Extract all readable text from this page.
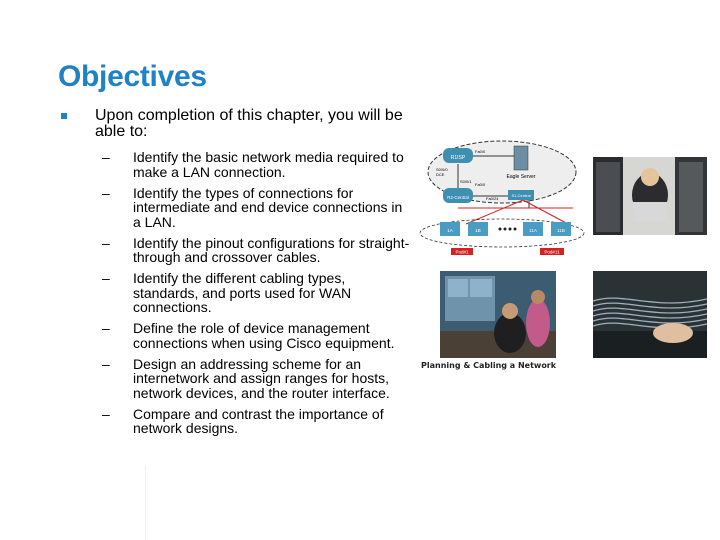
Objectives
Upon completion of this chapter, you will be able to:
– Identify the basic network media required to make a LAN connection.
– Identify the types of connections for intermediate and end device connections in a LAN.
– Identify the pinout configurations for straight-through and crossover cables.
– Identify the different cabling types, standards, and ports used for WAN connections.
– Define the role of device management connections when using Cisco equipment.
– Design an addressing scheme for an internetwork and assign ranges for hosts, network devices, and the router interface.
– Compare and contrast the importance of network designs.
R1ISP
R2-Central
S0/0/0
DCE
Fa0/0
Fa0/0
S0/0/1
Fa0/24
S1-Central
Eagle Server
1A	1B	11A	11B
Pod#1	Pod#11
Planning & Cabling a Network
